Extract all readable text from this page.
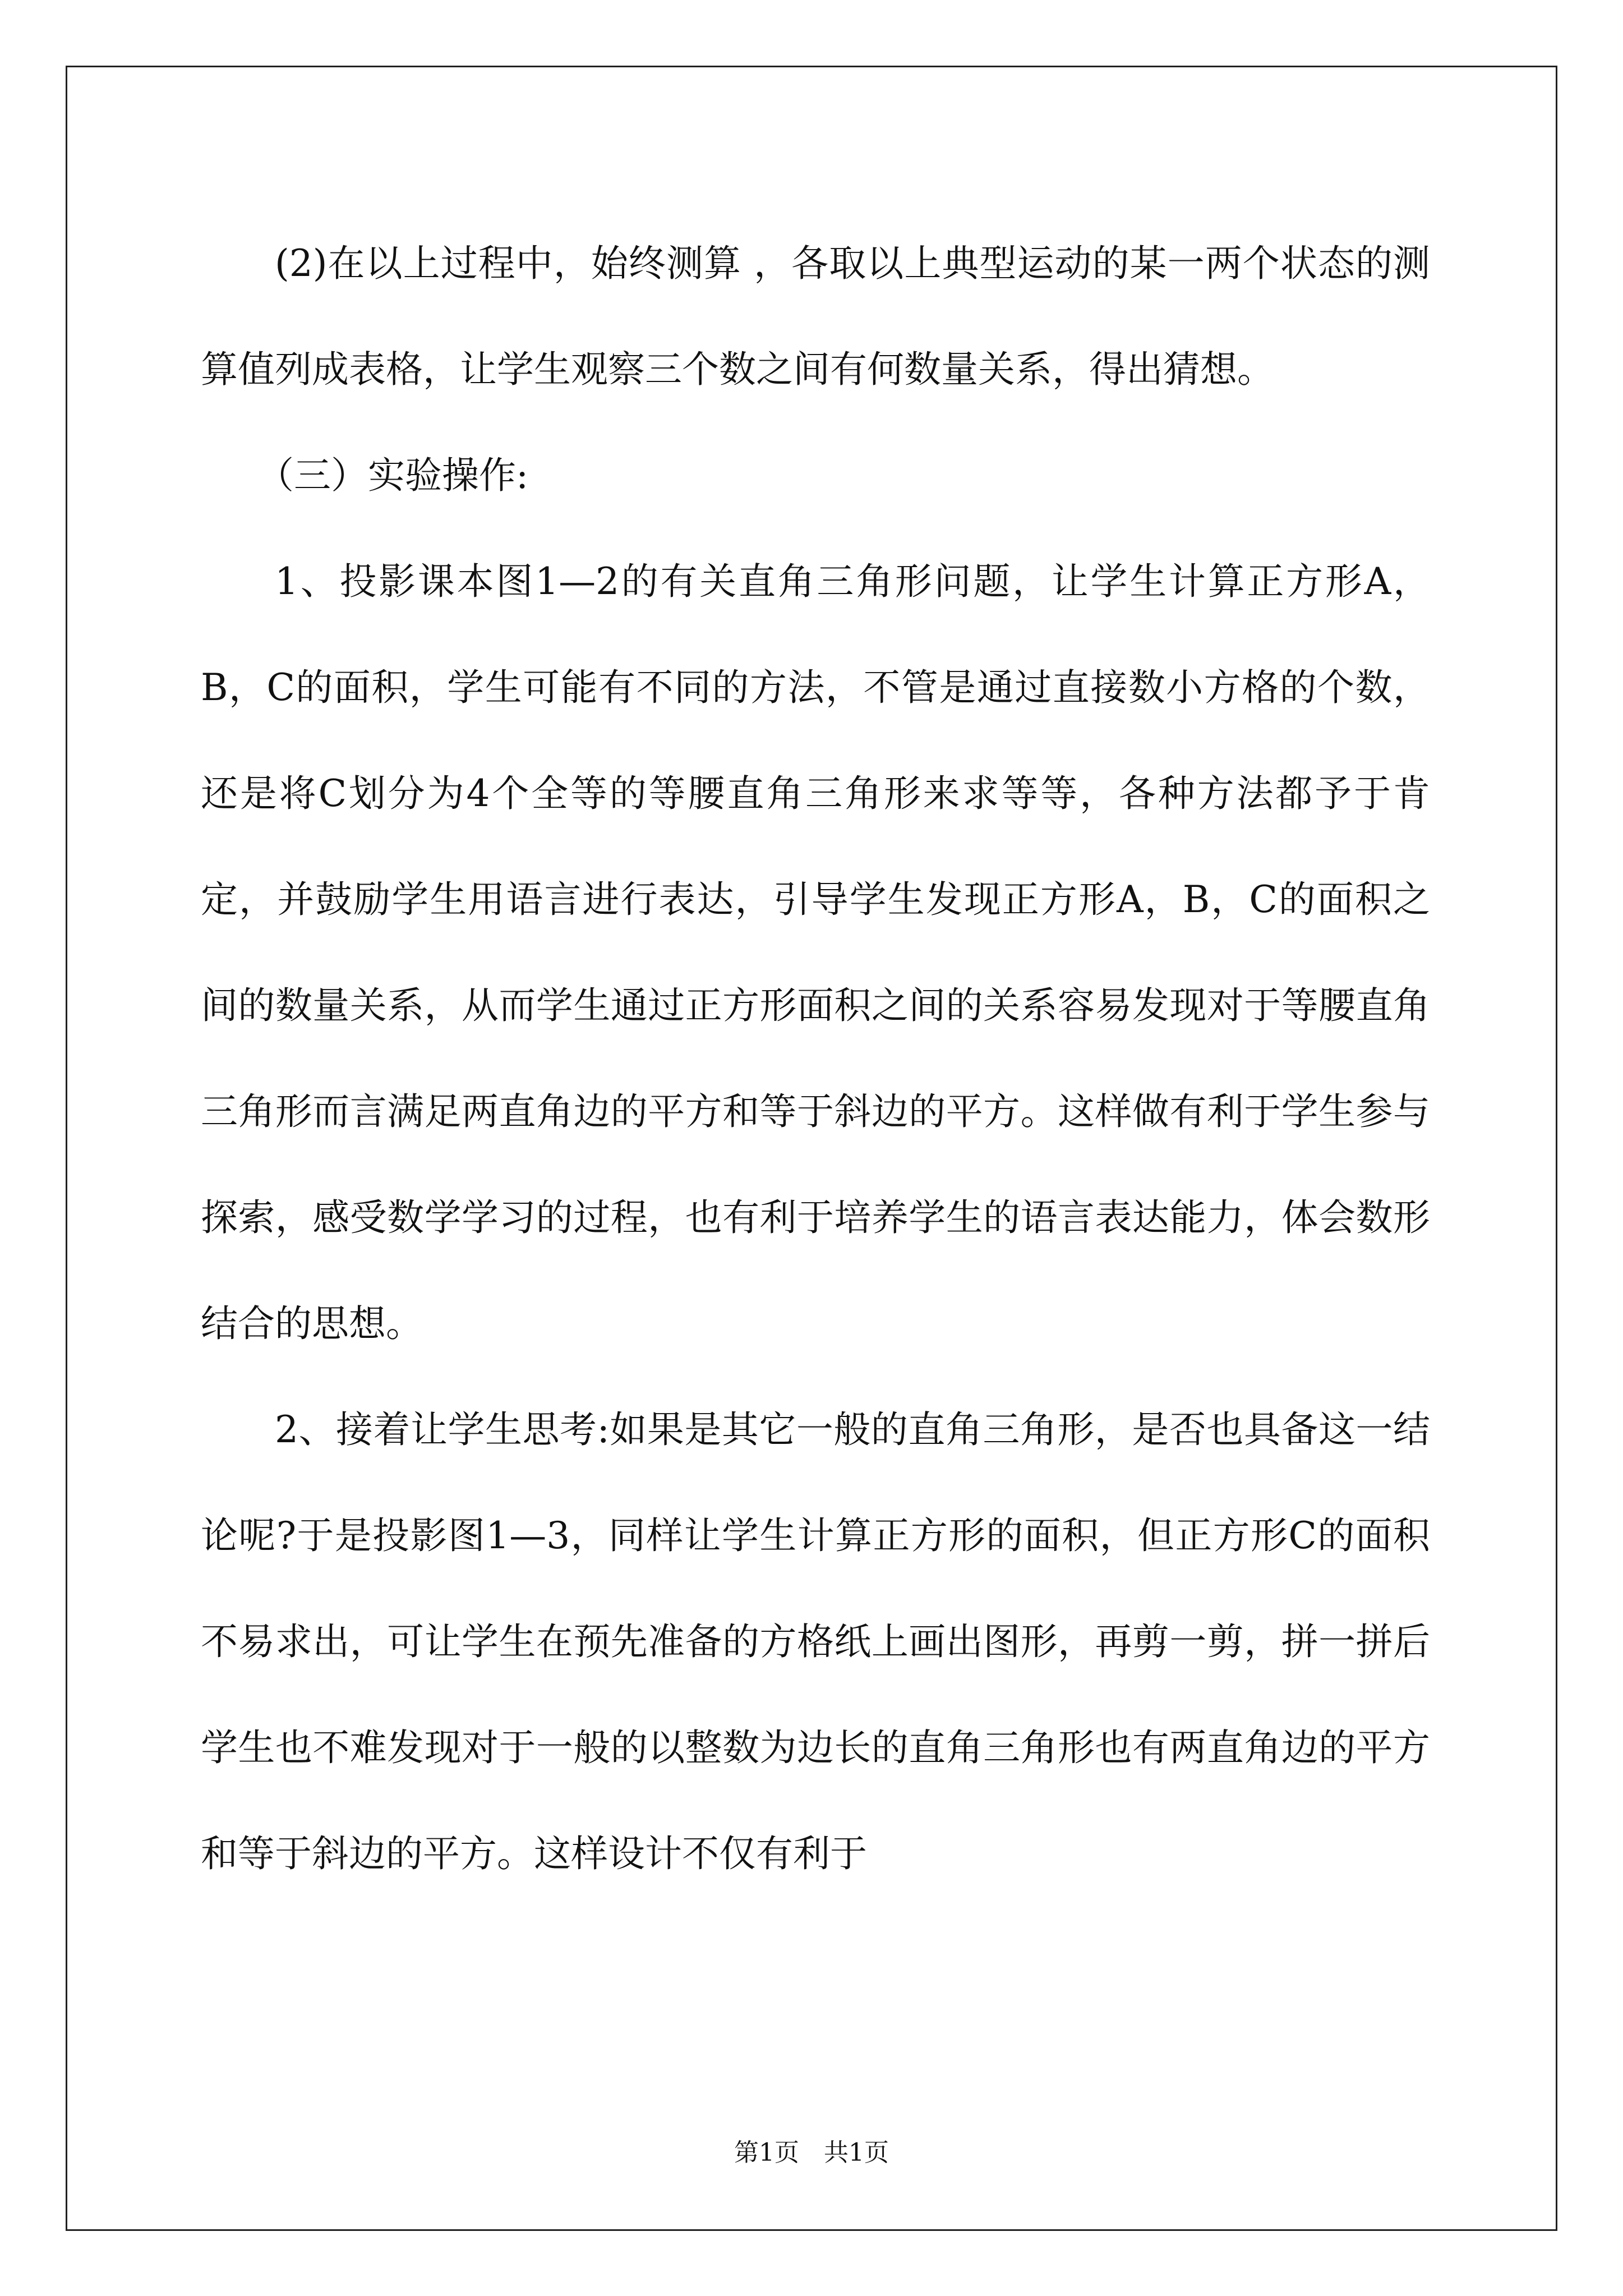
(2)在以上过程中，始终测算 ，各取以上典型运动的某一两个状态的测算值列成表格，让学生观察三个数之间有何数量关系，得出猜想。

（三）实验操作:

1、投影课本图1—2的有关直角三角形问题，让学生计算正方形A，B，C的面积，学生可能有不同的方法，不管是通过直接数小方格的个数，还是将C划分为4个全等的等腰直角三角形来求等等，各种方法都予于肯定，并鼓励学生用语言进行表达，引导学生发现正方形A，B，C的面积之间的数量关系，从而学生通过正方形面积之间的关系容易发现对于等腰直角三角形而言满足两直角边的平方和等于斜边的平方。这样做有利于学生参与探索，感受数学学习的过程，也有利于培养学生的语言表达能力，体会数形结合的思想。

2、接着让学生思考:如果是其它一般的直角三角形，是否也具备这一结论呢?于是投影图1—3，同样让学生计算正方形的面积，但正方形C的面积不易求出，可让学生在预先准备的方格纸上画出图形，再剪一剪，拼一拼后学生也不难发现对于一般的以整数为边长的直角三角形也有两直角边的平方和等于斜边的平方。这样设计不仅有利于

第1页 共1页
